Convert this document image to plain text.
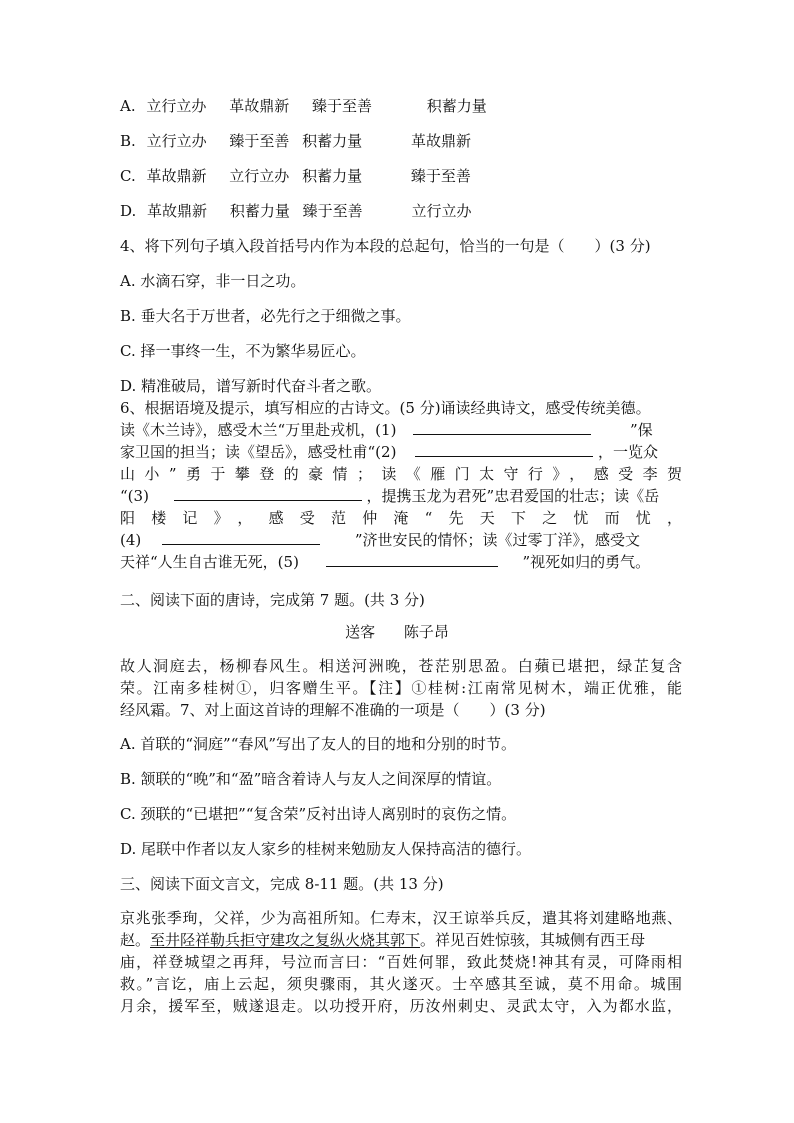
A. 立行立办 革故鼎新 臻于至善	积蓄力量
B. 立行立办 臻于至善 积蓄力量	革故鼎新
C. 革故鼎新 立行立办 积蓄力量	臻于至善
D. 革故鼎新 积蓄力量 臻于至善	立行立办
4、将下列句子填入段首括号内作为本段的总起句，恰当的一句是（　　）(3 分)
A. 水滴石穿，非一日之功。
B. 垂大名于万世者，必先行之于细微之事。
C. 择一事终一生，不为繁华易匠心。
D. 精准破局，谱写新时代奋斗者之歌。
6、根据语境及提示，填写相应的古诗文。(5 分)诵读经典诗文，感受传统美德。
读《木兰诗》，感受木兰“万里赴戎机，(1)	”保
家卫国的担当；读《望岳》，感受杜甫“(2)	，一览众
山小”勇于攀登的豪情；读《雁门太守行》，感受李贺
“(3)	，提携玉龙为君死”忠君爱国的壮志；读《岳
阳楼记》，感受范仲淹“先天下之忧而忧，
(4)	”济世安民的情怀；读《过零丁洋》，感受文
天祥“人生自古谁无死，(5)	”视死如归的勇气。
二、阅读下面的唐诗，完成第 7 题。(共 3 分)
送客 陈子昂
故人洞庭去，杨柳春风生。相送河洲晚，苍茫别思盈。白蘋已堪把，绿芷复含
荣。江南多桂树①，归客赠生平。【注】①桂树:江南常见树木，端正优雅，能
经风霜。7、对上面这首诗的理解不准确的一项是（　　）(3 分)
A. 首联的“洞庭”“春风”写出了友人的目的地和分别的时节。
B. 颔联的“晚”和“盈”暗含着诗人与友人之间深厚的情谊。
C. 颈联的“已堪把”“复含荣”反衬出诗人离别时的哀伤之情。
D. 尾联中作者以友人家乡的桂树来勉励友人保持高洁的德行。
三、阅读下面文言文，完成 8-11 题。(共 13 分)
京兆张季珣，父祥，少为高祖所知。仁寿末，汉王谅举兵反，遣其将刘建略地燕、
赵。至井陉祥勒兵拒守建攻之复纵火烧其郭下。祥见百姓惊骇，其城侧有西王母
庙，祥登城望之再拜，号泣而言曰：“百姓何罪，致此焚烧!神其有灵，可降雨相
救。”言讫，庙上云起，须臾骤雨，其火遂灭。士卒感其至诚，莫不用命。城围
月余，援军至，贼遂退走。以功授开府，历汝州刺史、灵武太守，入为都水监，
